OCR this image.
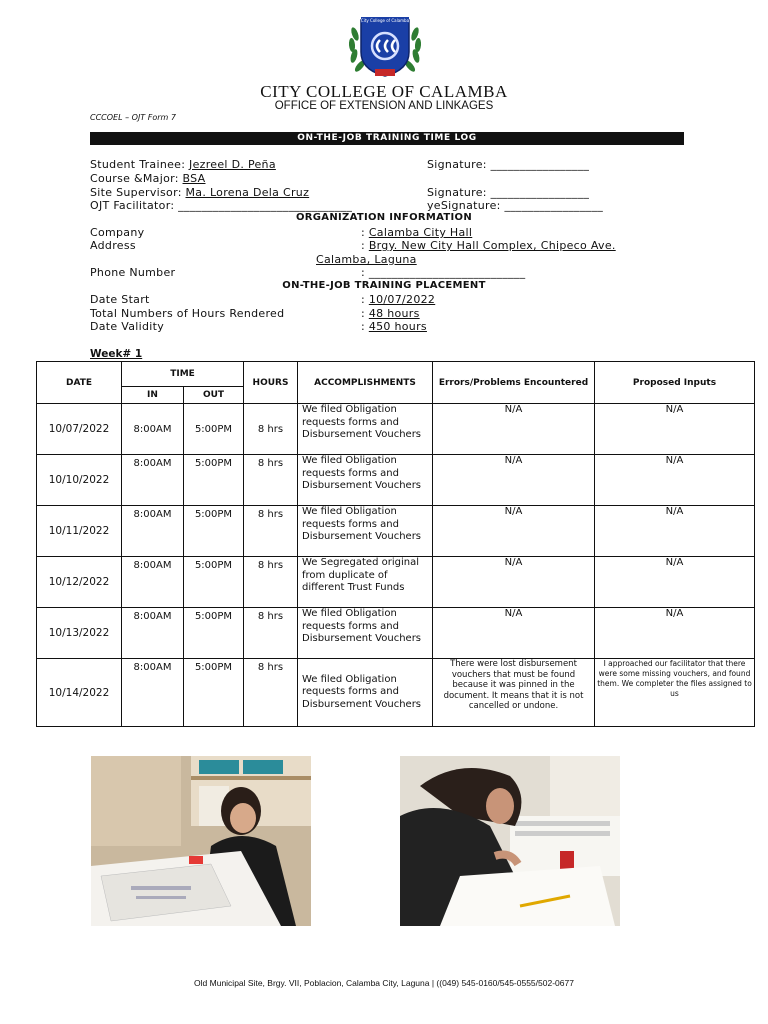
City College of Calamba
CITY COLLEGE OF CALAMBA
OFFICE OF EXTENSION AND LINKAGES
CCCOEL – OJT Form 7
ON-THE-JOB TRAINING TIME LOG
Student Trainee: Jezreel D. Peña
Course &Major: BSA
Site Supervisor: Ma. Lorena Dela Cruz
OJT Facilitator: ______________________________
Signature: _________________
Signature: _________________
yeSignature: _________________
ORGANIZATION INFORMATION
Company	: Calamba City Hall
Address	: Brgy. New City Hall Complex, Chipeco Ave.
Calamba, Laguna
Phone Number	: ___________________________
ON-THE-JOB TRAINING PLACEMENT
Date Start	: 10/07/2022
Total Numbers of Hours Rendered	: 48 hours
Date Validity	: 450 hours
Week# 1
DATE	TIME		HOURS	ACCOMPLISHMENTS	Errors/Problems Encountered	Proposed Inputs
	IN	OUT				
10/07/2022	8:00AM	5:00PM	8 hrs	We filed Obligation requests forms and Disbursement Vouchers	N/A	N/A
10/10/2022	8:00AM	5:00PM	8 hrs	We filed Obligation requests forms and Disbursement Vouchers	N/A	N/A
10/11/2022	8:00AM	5:00PM	8 hrs	We filed Obligation requests forms and Disbursement Vouchers	N/A	N/A
10/12/2022	8:00AM	5:00PM	8 hrs	We Segregated original from duplicate of different Trust Funds	N/A	N/A
10/13/2022	8:00AM	5:00PM	8 hrs	We filed Obligation requests forms and Disbursement Vouchers	N/A	N/A
10/14/2022	8:00AM	5:00PM	8 hrs	We filed Obligation requests forms and Disbursement Vouchers	There were lost disbursement vouchers that must be found because it was pinned in the document. It means that it is not cancelled or undone.	I approached our facilitator that there were some missing vouchers, and found them. We completer the files assigned to us
Old Municipal Site, Brgy. VII, Poblacion, Calamba City, Laguna | ((049) 545-0160/545-0555/502-0677
